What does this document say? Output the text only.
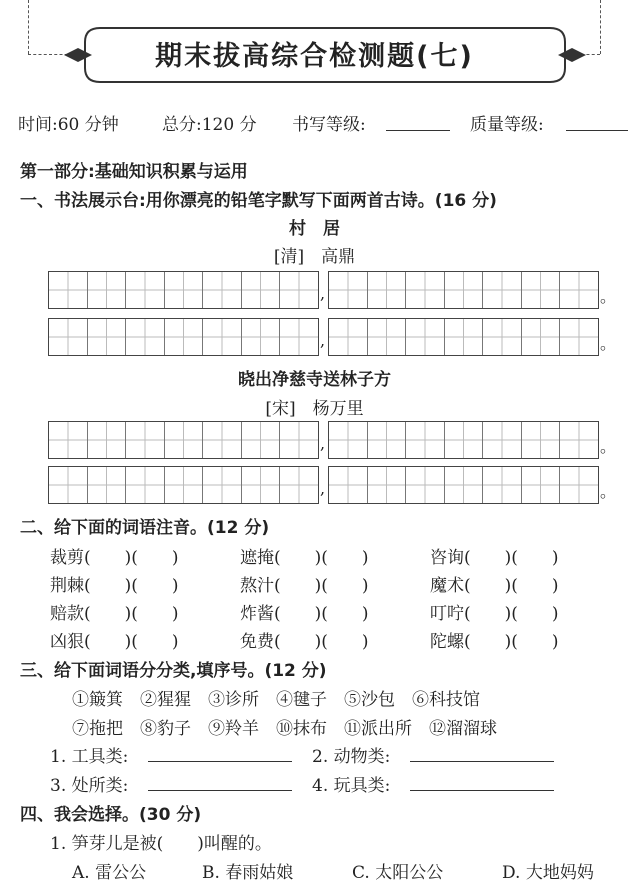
期末拔高综合检测题(七)
时间:60 分钟	总分:120 分 书写等级:	质量等级:
第一部分:基础知识积累与运用
一、书法展示台:用你漂亮的铅笔字默写下面两首古诗。(16 分)
村　居
[清]　高鼎
,	。
,	。
晓出净慈寺送林子方
[宋]　杨万里
,	。
,	。
二、给下面的词语注音。(12 分)
裁剪(　　)(　　)	遮掩(　　)(　　)	咨询(　　)(　　)
荆棘(　　)(　　)	熬汁(　　)(　　)	魔术(　　)(　　)
赔款(　　)(　　)	炸酱(　　)(　　)	叮咛(　　)(　　)
凶狠(　　)(　　)	免费(　　)(　　)	陀螺(　　)(　　)
三、给下面词语分分类,填序号。(12 分)
①簸箕　②猩猩　③诊所　④毽子　⑤沙包　⑥科技馆
⑦拖把　⑧豹子　⑨羚羊　⑩抹布　⑪派出所　⑫溜溜球
1. 工具类:	2. 动物类:
3. 处所类:	4. 玩具类:
四、我会选择。(30 分)
1. 笋芽儿是被(　　)叫醒的。
A. 雷公公	B. 春雨姑娘	C. 太阳公公	D. 大地妈妈
